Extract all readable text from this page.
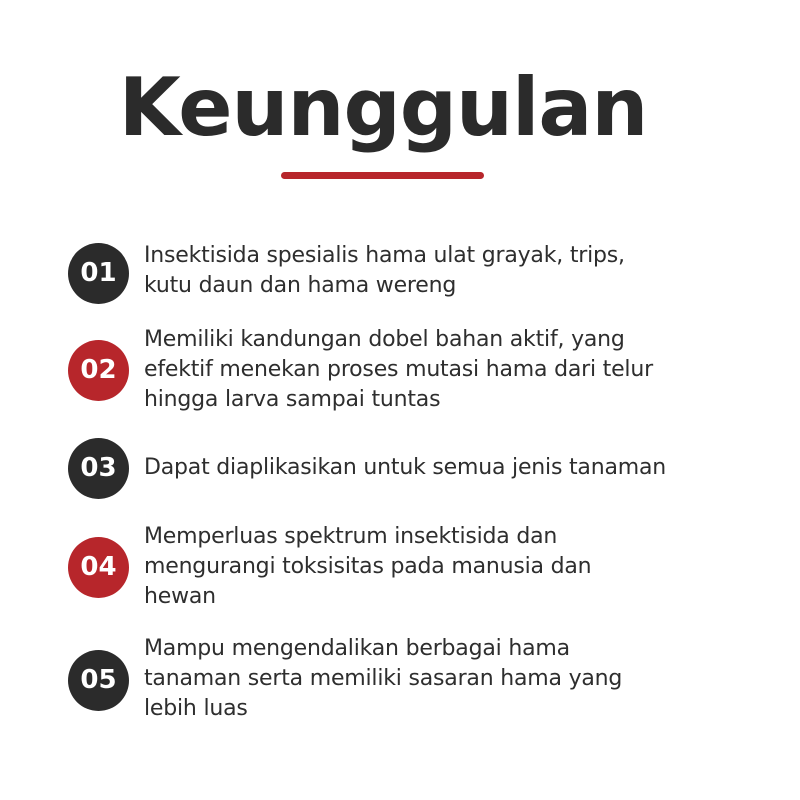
Keunggulan
01
Insektisida spesialis hama ulat grayak, trips,
kutu daun dan hama wereng
02
Memiliki kandungan dobel bahan aktif, yang
efektif menekan proses mutasi hama dari telur
hingga larva sampai tuntas
03	Dapat diaplikasikan untuk semua jenis tanaman
04
Memperluas spektrum insektisida dan
mengurangi toksisitas pada manusia dan
hewan
05
Mampu mengendalikan berbagai hama
tanaman serta memiliki sasaran hama yang
lebih luas
